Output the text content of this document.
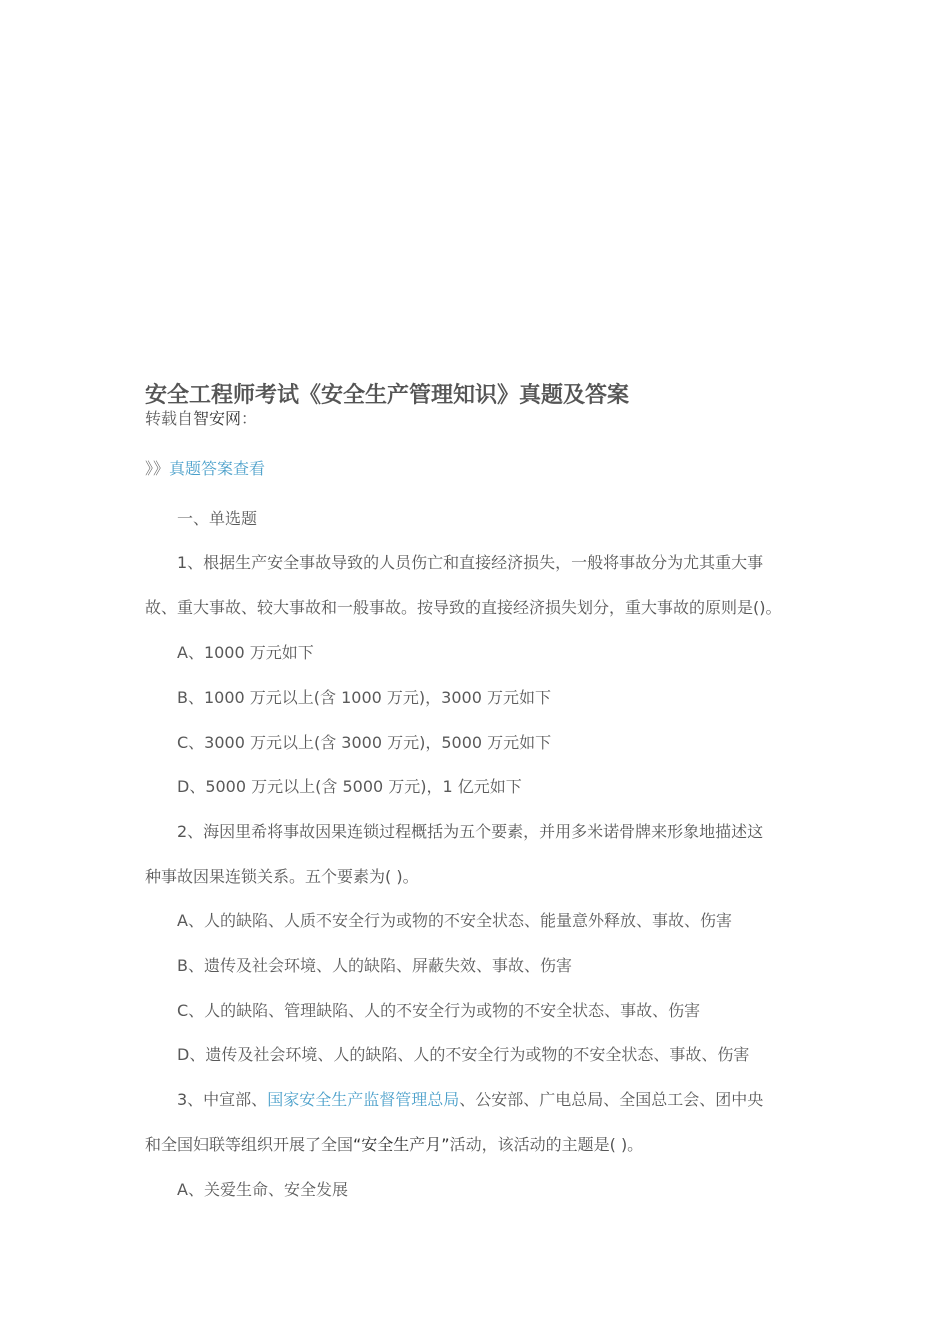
安全工程师考试《安全生产管理知识》真题及答案
转载自智安网：
》》真题答案查看
一、单选题
1、根据生产安全事故导致的人员伤亡和直接经济损失，一般将事故分为尤其重大事
故、重大事故、较大事故和一般事故。按导致的直接经济损失划分，重大事故的原则是()。
A、1000 万元如下
B、1000 万元以上(含 1000 万元)，3000 万元如下
C、3000 万元以上(含 3000 万元)，5000 万元如下
D、5000 万元以上(含 5000 万元)，1 亿元如下
2、海因里希将事故因果连锁过程概括为五个要素，并用多米诺骨牌来形象地描述这
种事故因果连锁关系。五个要素为( )。
A、人的缺陷、人质不安全行为或物的不安全状态、能量意外释放、事故、伤害
B、遗传及社会环境、人的缺陷、屏蔽失效、事故、伤害
C、人的缺陷、管理缺陷、人的不安全行为或物的不安全状态、事故、伤害
D、遗传及社会环境、人的缺陷、人的不安全行为或物的不安全状态、事故、伤害
3、中宣部、国家安全生产监督管理总局、公安部、广电总局、全国总工会、团中央
和全国妇联等组织开展了全国“安全生产月”活动，该活动的主题是( )。
A、关爱生命、安全发展
